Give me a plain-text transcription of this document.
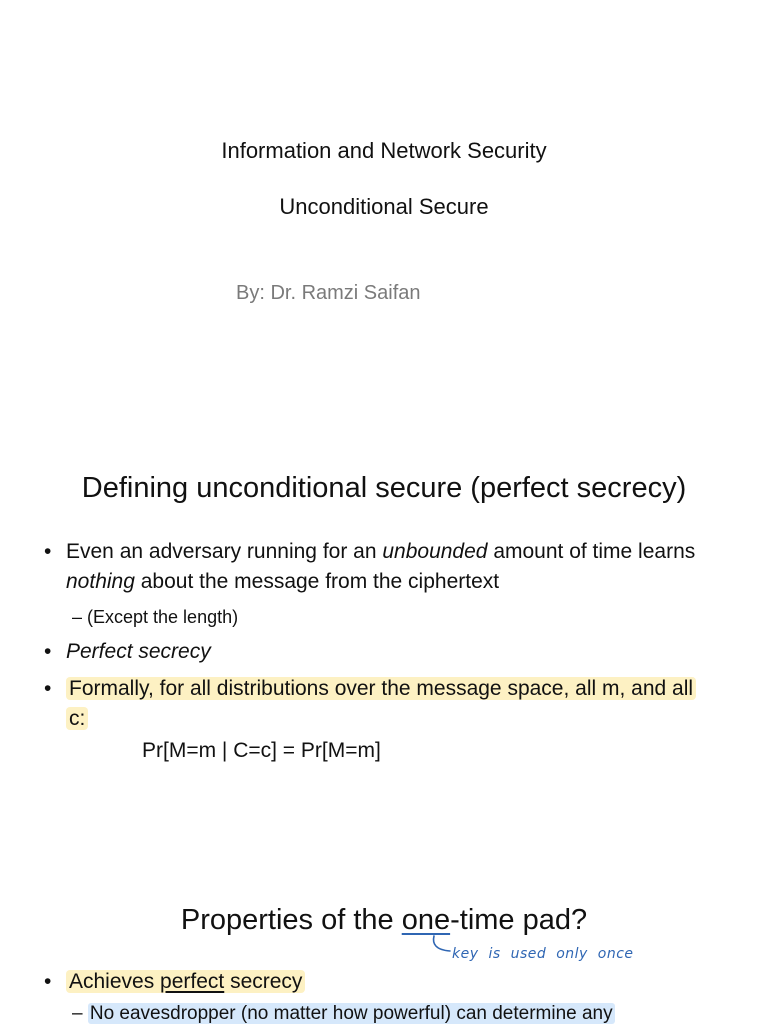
Information and Network Security
Unconditional Secure
By: Dr. Ramzi Saifan
Defining unconditional secure (perfect secrecy)
• Even an adversary running for an unbounded amount of time learns nothing about the message from the ciphertext
– (Except the length)
• Perfect secrecy
• Formally, for all distributions over the message space, all m, and all c:
Pr[M=m | C=c] = Pr[M=m]
Properties of the one-time pad?
key is used only once
• Achieves perfect secrecy
– No eavesdropper (no matter how powerful) can determine any
